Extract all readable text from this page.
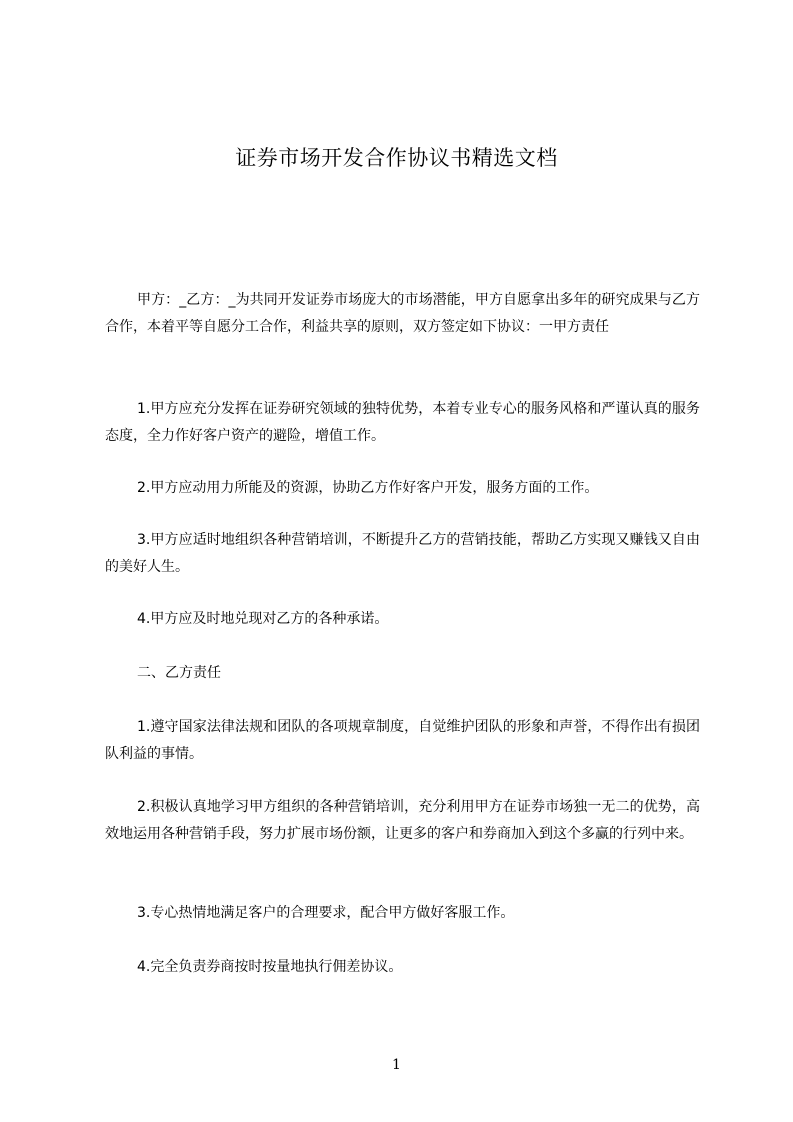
证券市场开发合作协议书精选文档
甲方：_乙方：_为共同开发证券市场庞大的市场潜能，甲方自愿拿出多年的研究成果与乙方合作，本着平等自愿分工合作，利益共享的原则，双方签定如下协议：一甲方责任
1.甲方应充分发挥在证券研究领域的独特优势，本着专业专心的服务风格和严谨认真的服务态度，全力作好客户资产的避险，增值工作。
2.甲方应动用力所能及的资源，协助乙方作好客户开发，服务方面的工作。
3.甲方应适时地组织各种营销培训，不断提升乙方的营销技能，帮助乙方实现又赚钱又自由的美好人生。
4.甲方应及时地兑现对乙方的各种承诺。
二、乙方责任
1.遵守国家法律法规和团队的各项规章制度，自觉维护团队的形象和声誉，不得作出有损团队利益的事情。
2.积极认真地学习甲方组织的各种营销培训，充分利用甲方在证券市场独一无二的优势，高效地运用各种营销手段，努力扩展市场份额，让更多的客户和券商加入到这个多赢的行列中来。
3.专心热情地满足客户的合理要求，配合甲方做好客服工作。
4.完全负责券商按时按量地执行佣差协议。
1
